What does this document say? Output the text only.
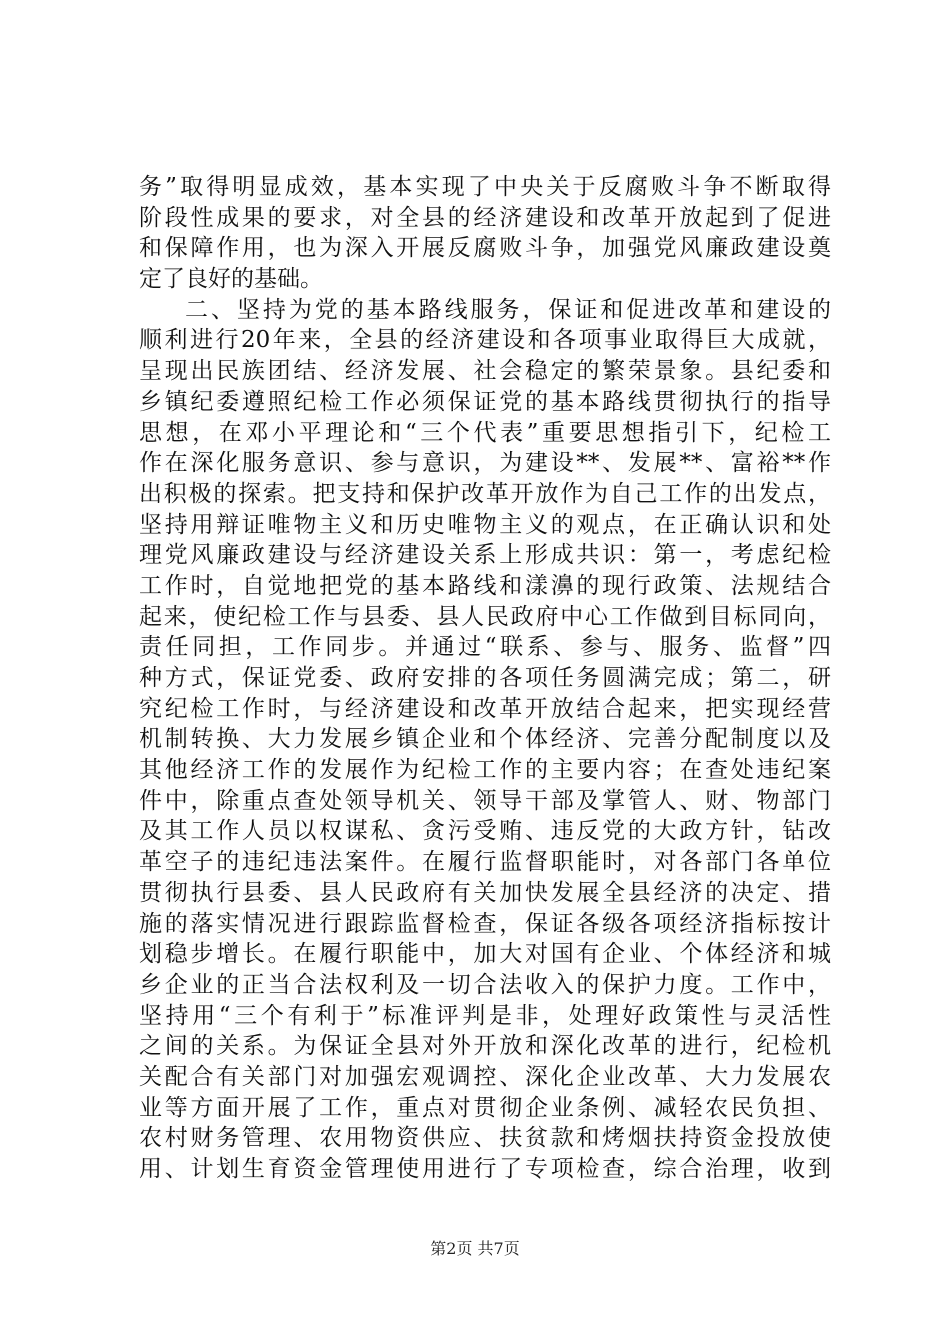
务”取得明显成效，基本实现了中央关于反腐败斗争不断取得
阶段性成果的要求，对全县的经济建设和改革开放起到了促进
和保障作用，也为深入开展反腐败斗争，加强党风廉政建设奠
定了良好的基础。
二、坚持为党的基本路线服务，保证和促进改革和建设的
顺利进行20年来，全县的经济建设和各项事业取得巨大成就，
呈现出民族团结、经济发展、社会稳定的繁荣景象。县纪委和
乡镇纪委遵照纪检工作必须保证党的基本路线贯彻执行的指导
思想，在邓小平理论和“三个代表”重要思想指引下，纪检工
作在深化服务意识、参与意识，为建设**、发展**、富裕**作
出积极的探索。把支持和保护改革开放作为自己工作的出发点，
坚持用辩证唯物主义和历史唯物主义的观点，在正确认识和处
理党风廉政建设与经济建设关系上形成共识：第一，考虑纪检
工作时，自觉地把党的基本路线和漾濞的现行政策、法规结合
起来，使纪检工作与县委、县人民政府中心工作做到目标同向，
责任同担，工作同步。并通过“联系、参与、服务、监督”四
种方式，保证党委、政府安排的各项任务圆满完成；第二，研
究纪检工作时，与经济建设和改革开放结合起来，把实现经营
机制转换、大力发展乡镇企业和个体经济、完善分配制度以及
其他经济工作的发展作为纪检工作的主要内容；在查处违纪案
件中，除重点查处领导机关、领导干部及掌管人、财、物部门
及其工作人员以权谋私、贪污受贿、违反党的大政方针，钻改
革空子的违纪违法案件。在履行监督职能时，对各部门各单位
贯彻执行县委、县人民政府有关加快发展全县经济的决定、措
施的落实情况进行跟踪监督检查，保证各级各项经济指标按计
划稳步增长。在履行职能中，加大对国有企业、个体经济和城
乡企业的正当合法权利及一切合法收入的保护力度。工作中，
坚持用“三个有利于”标准评判是非，处理好政策性与灵活性
之间的关系。为保证全县对外开放和深化改革的进行，纪检机
关配合有关部门对加强宏观调控、深化企业改革、大力发展农
业等方面开展了工作，重点对贯彻企业条例、减轻农民负担、
农村财务管理、农用物资供应、扶贫款和烤烟扶持资金投放使
用、计划生育资金管理使用进行了专项检查，综合治理，收到
第2页 共7页
